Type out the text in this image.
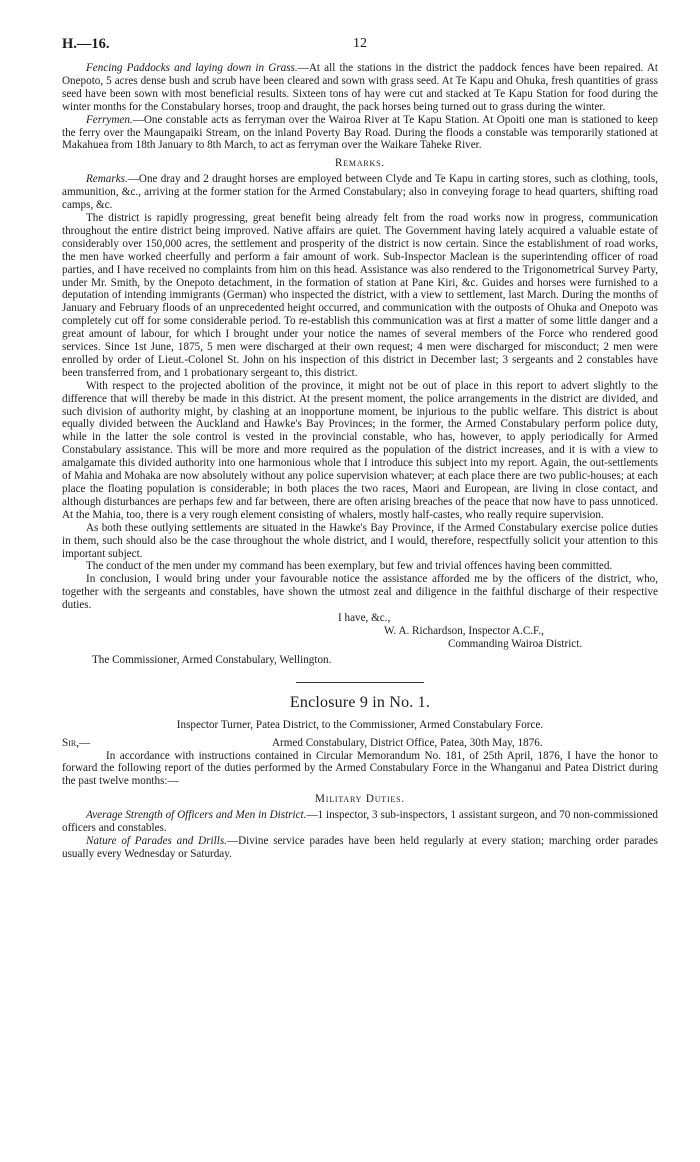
H.—16.	12

Fencing Paddocks and laying down in Grass.—At all the stations in the district the paddock fences have been repaired. At Onepoto, 5 acres dense bush and scrub have been cleared and sown with grass seed. At Te Kapu and Ohuka, fresh quantities of grass seed have been sown with most beneficial results. Sixteen tons of hay were cut and stacked at Te Kapu Station for food during the winter months for the Constabulary horses, troop and draught, the pack horses being turned out to grass during the winter.

Ferrymen.—One constable acts as ferryman over the Wairoa River at Te Kapu Station. At Opoiti one man is stationed to keep the ferry over the Maungapaiki Stream, on the inland Poverty Bay Road. During the floods a constable was temporarily stationed at Makahuea from 18th January to 8th March, to act as ferryman over the Waikare Taheke River.

Remarks.

Remarks.—One dray and 2 draught horses are employed between Clyde and Te Kapu in carting stores, such as clothing, tools, ammunition, &c., arriving at the former station for the Armed Constabulary; also in conveying forage to head quarters, shifting road camps, &c.

The district is rapidly progressing, great benefit being already felt from the road works now in progress, communication throughout the entire district being improved. Native affairs are quiet. The Government having lately acquired a valuable estate of considerably over 150,000 acres, the settlement and prosperity of the district is now certain. Since the establishment of road works, the men have worked cheerfully and perform a fair amount of work. Sub-Inspector Maclean is the superintending officer of road parties, and I have received no complaints from him on this head. Assistance was also rendered to the Trigonometrical Survey Party, under Mr. Smith, by the Onepoto detachment, in the formation of station at Pane Kiri, &c. Guides and horses were furnished to a deputation of intending immigrants (German) who inspected the district, with a view to settlement, last March. During the months of January and February floods of an unprecedented height occurred, and communication with the outposts of Ohuka and Onepoto was completely cut off for some considerable period. To re-establish this communication was at first a matter of some little danger and a great amount of labour, for which I brought under your notice the names of several members of the Force who rendered good services. Since 1st June, 1875, 5 men were discharged at their own request; 4 men were discharged for misconduct; 2 men were enrolled by order of Lieut.-Colonel St. John on his inspection of this district in December last; 3 sergeants and 2 constables have been transferred from, and 1 probationary sergeant to, this district.

With respect to the projected abolition of the province, it might not be out of place in this report to advert slightly to the difference that will thereby be made in this district. At the present moment, the police arrangements in the district are divided, and such division of authority might, by clashing at an inopportune moment, be injurious to the public welfare. This district is about equally divided between the Auckland and Hawke's Bay Provinces; in the former, the Armed Constabulary perform police duty, while in the latter the sole control is vested in the provincial constable, who has, however, to apply periodically for Armed Constabulary assistance. This will be more and more required as the population of the district increases, and it is with a view to amalgamate this divided authority into one harmonious whole that I introduce this subject into my report. Again, the out-settlements of Mahia and Mohaka are now absolutely without any police supervision whatever; at each place there are two public-houses; at each place the floating population is considerable; in both places the two races, Maori and European, are living in close contact, and although disturbances are perhaps few and far between, there are often arising breaches of the peace that now have to pass unnoticed. At the Mahia, too, there is a very rough element consisting of whalers, mostly half-castes, who really require supervision.

As both these outlying settlements are situated in the Hawke's Bay Province, if the Armed Constabulary exercise police duties in them, such should also be the case throughout the whole district, and I would, therefore, respectfully solicit your attention to this important subject.

The conduct of the men under my command has been exemplary, but few and trivial offences having been committed.

In conclusion, I would bring under your favourable notice the assistance afforded me by the officers of the district, who, together with the sergeants and constables, have shown the utmost zeal and diligence in the faithful discharge of their respective duties.

I have, &c.,
W. A. Richardson, Inspector A.C.F.,
Commanding Wairoa District.
The Commissioner, Armed Constabulary, Wellington.
Enclosure 9 in No. 1.
Inspector Turner, Patea District, to the Commissioner, Armed Constabulary Force.
Sir,—	Armed Constabulary, District Office, Patea, 30th May, 1876.

In accordance with instructions contained in Circular Memorandum No. 181, of 25th April, 1876, I have the honor to forward the following report of the duties performed by the Armed Constabulary Force in the Whanganui and Patea District during the past twelve months:—

Military Duties.

Average Strength of Officers and Men in District.—1 inspector, 3 sub-inspectors, 1 assistant surgeon, and 70 non-commissioned officers and constables.

Nature of Parades and Drills.—Divine service parades have been held regularly at every station; marching order parades usually every Wednesday or Saturday.
